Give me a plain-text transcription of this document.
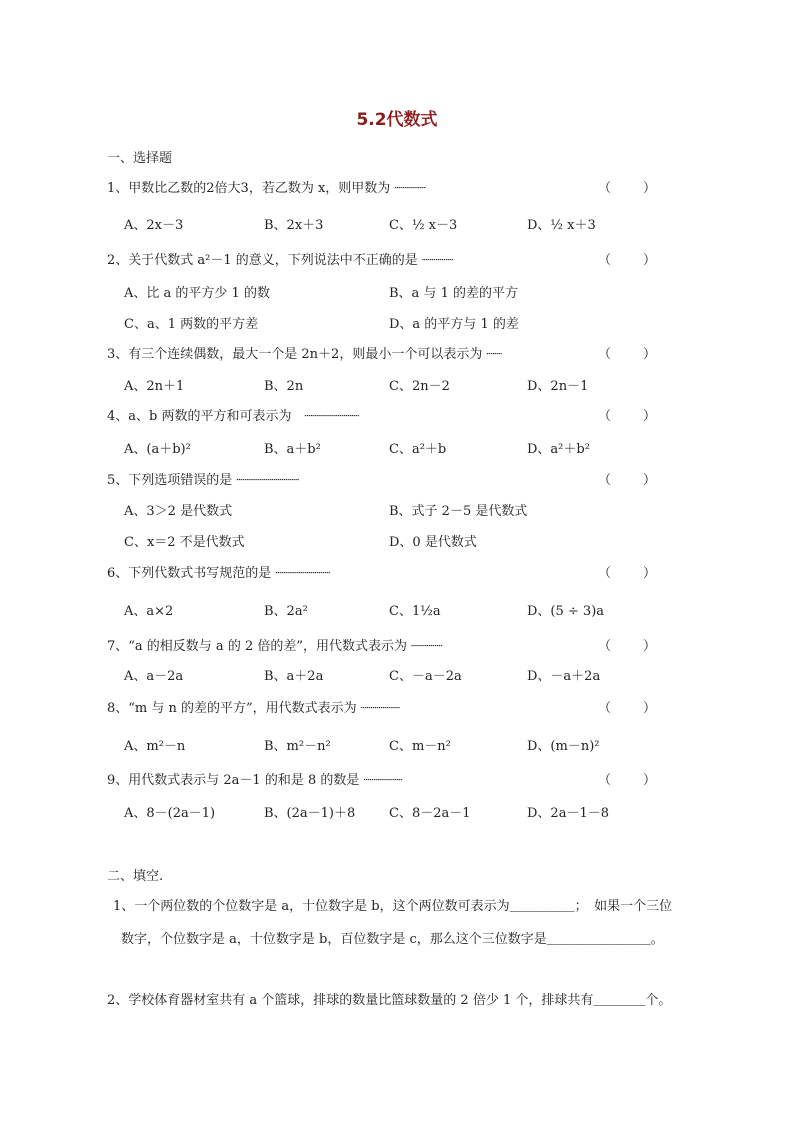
5.2代数式
一、选择题
1、甲数比乙数的2倍大3，若乙数为 x，则甲数为 ┈┈┈┈	（　　）
A、2x－3	B、2x＋3	C、½ x－3	D、½ x＋3
2、关于代数式 a²－1 的意义，下列说法中不正确的是 ┈┈┈┈	（　　）
A、比 a 的平方少 1 的数	B、a 与 1 的差的平方
C、a、1 两数的平方差	D、a 的平方与 1 的差
3、有三个连续偶数，最大一个是 2n＋2，则最小一个可以表示为 ┈┈	（　　）
A、2n＋1	B、2n	C、2n－2	D、2n－1
4、a、b 两数的平方和可表示为　┈┈┈┈┈┈┈	（　　）
A、(a＋b)²	B、a＋b²	C、a²＋b	D、a²＋b²
5、下列选项错误的是 ┈┈┈┈┈┈┈┈	（　　）
A、3＞2 是代数式	B、式子 2－5 是代数式
C、x＝2 不是代数式	D、0 是代数式
6、下列代数式书写规范的是 ┈┈┈┈┈┈┈	（　　）
A、a×2	B、2a²	C、1½a	D、(5 ÷ 3)a
7、“a 的相反数与 a 的 2 倍的差”，用代数式表示为 ┈┈┈┈	（　　）
A、a－2a	B、a＋2a	C、－a－2a	D、－a＋2a
8、“m 与 n 的差的平方”，用代数式表示为 ┈┈┈┈┈	（　　）
A、m²－n	B、m²－n²	C、m－n²	D、(m－n)²
9、用代数式表示与 2a－1 的和是 8 的数是 ┈┈┈┈┈	（　　）
A、8－(2a－1)	B、(2a－1)＋8	C、8－2a－1	D、2a－1－8
二、填空.
1、一个两位数的个位数字是 a，十位数字是 b，这个两位数可表示为＿＿＿＿＿；　如果一个三位
数字，个位数字是 a，十位数字是 b，百位数字是 c，那么这个三位数字是＿＿＿＿＿＿＿＿。
2、学校体育器材室共有 a 个篮球，排球的数量比篮球数量的 2 倍少 1 个，排球共有＿＿＿＿个。
